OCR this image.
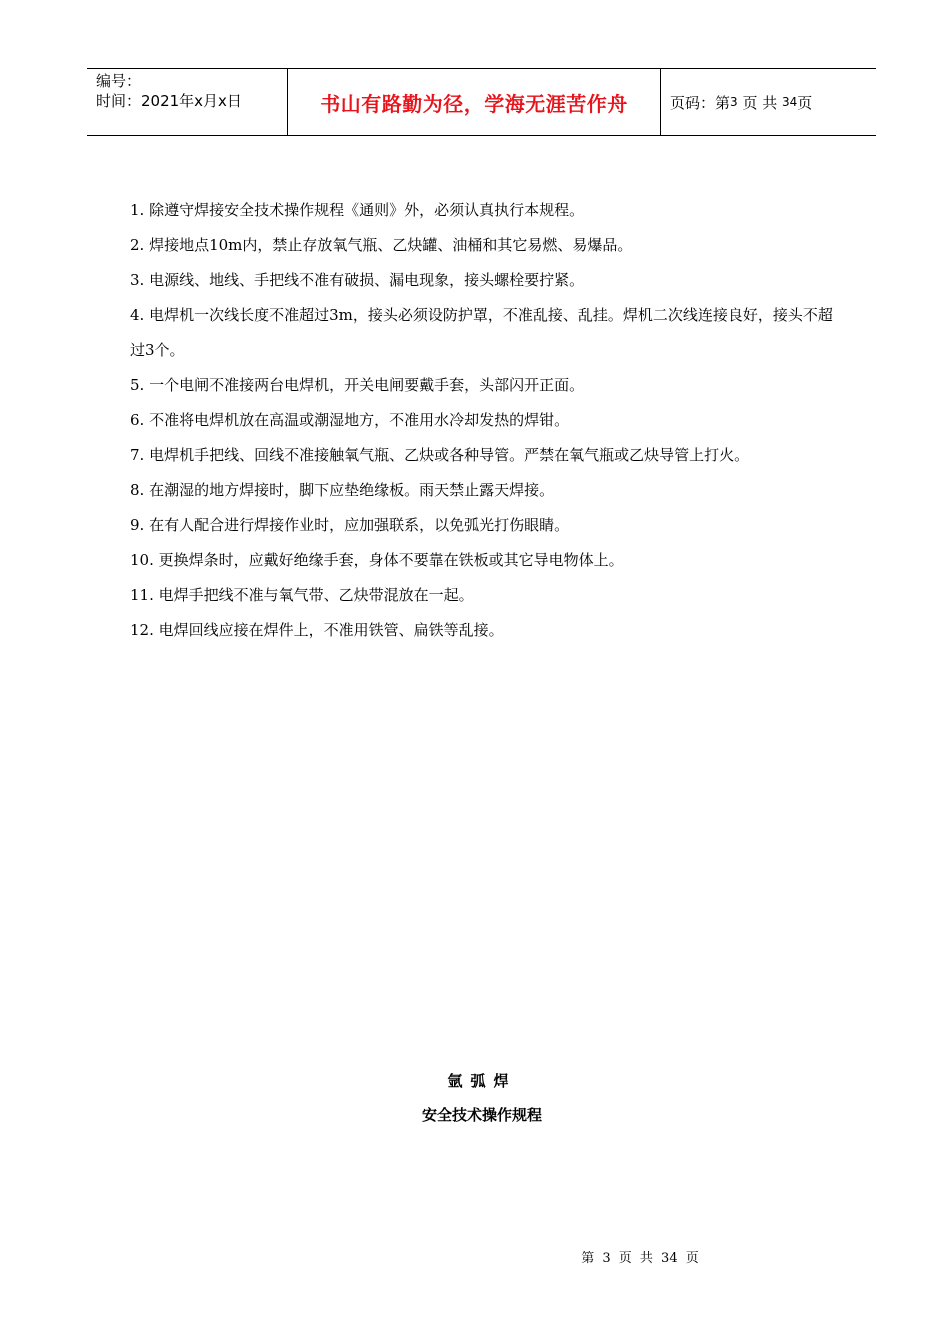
编号：
时间：2021年x月x日	书山有路勤为径，学海无涯苦作舟	页码：第 3
页 共
34 页
1. 除遵守焊接安全技术操作规程《通则》外，必须认真执行本规程。
2. 焊接地点10m内，禁止存放氧气瓶、乙炔罐、油桶和其它易燃、易爆品。
3. 电源线、地线、手把线不准有破损、漏电现象，接头螺栓要拧紧。
4. 电焊机一次线长度不准超过3m，接头必须设防护罩，不准乱接、乱挂。焊机二次线连接良好，接头不超过3个。
5. 一个电闸不准接两台电焊机，开关电闸要戴手套，头部闪开正面。
6. 不准将电焊机放在高温或潮湿地方，不准用水冷却发热的焊钳。
7. 电焊机手把线、回线不准接触氧气瓶、乙炔或各种导管。严禁在氧气瓶或乙炔导管上打火。
8. 在潮湿的地方焊接时，脚下应垫绝缘板。雨天禁止露天焊接。
9. 在有人配合进行焊接作业时，应加强联系，以免弧光打伤眼睛。
10. 更换焊条时，应戴好绝缘手套，身体不要靠在铁板或其它导电物体上。
11. 电焊手把线不准与氧气带、乙炔带混放在一起。
12. 电焊回线应接在焊件上，不准用铁管、扁铁等乱接。
氩弧焊
安全技术操作规程
第 3 页 共 34 页
